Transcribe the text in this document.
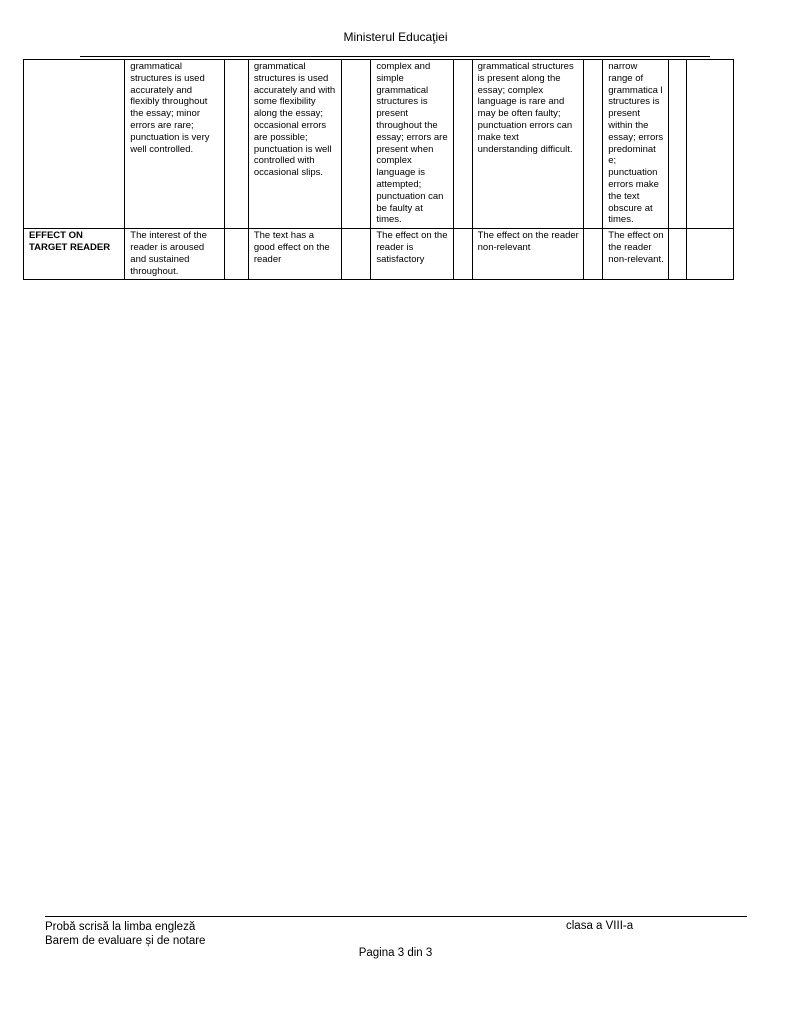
Ministerul Educaţiei
	grammatical structures is used accurately and flexibly throughout the essay; minor errors are rare; punctuation is very well controlled.		grammatical structures is used accurately and with some flexibility along the essay; occasional errors are possible; punctuation is well controlled with occasional slips.		complex and simple grammatical structures is present throughout the essay; errors are present when complex language is attempted; punctuation can be faulty at times.		grammatical structures is present along the essay; complex language is rare and may be often faulty; punctuation errors can make text understanding difficult.		narrow range of grammatica l structures is present within the essay; errors predominat e; punctuation errors make the text obscure at times.		
EFFECT ON TARGET READER	The interest of the reader is aroused and sustained throughout.		The text has a good effect on the reader		The effect on the reader is satisfactory		The effect on the reader non-relevant		The effect on the reader non-relevant.		
Probă scrisă la limba engleză
Barem de evaluare și de notare
clasa a VIII-a
Pagina 3 din 3
